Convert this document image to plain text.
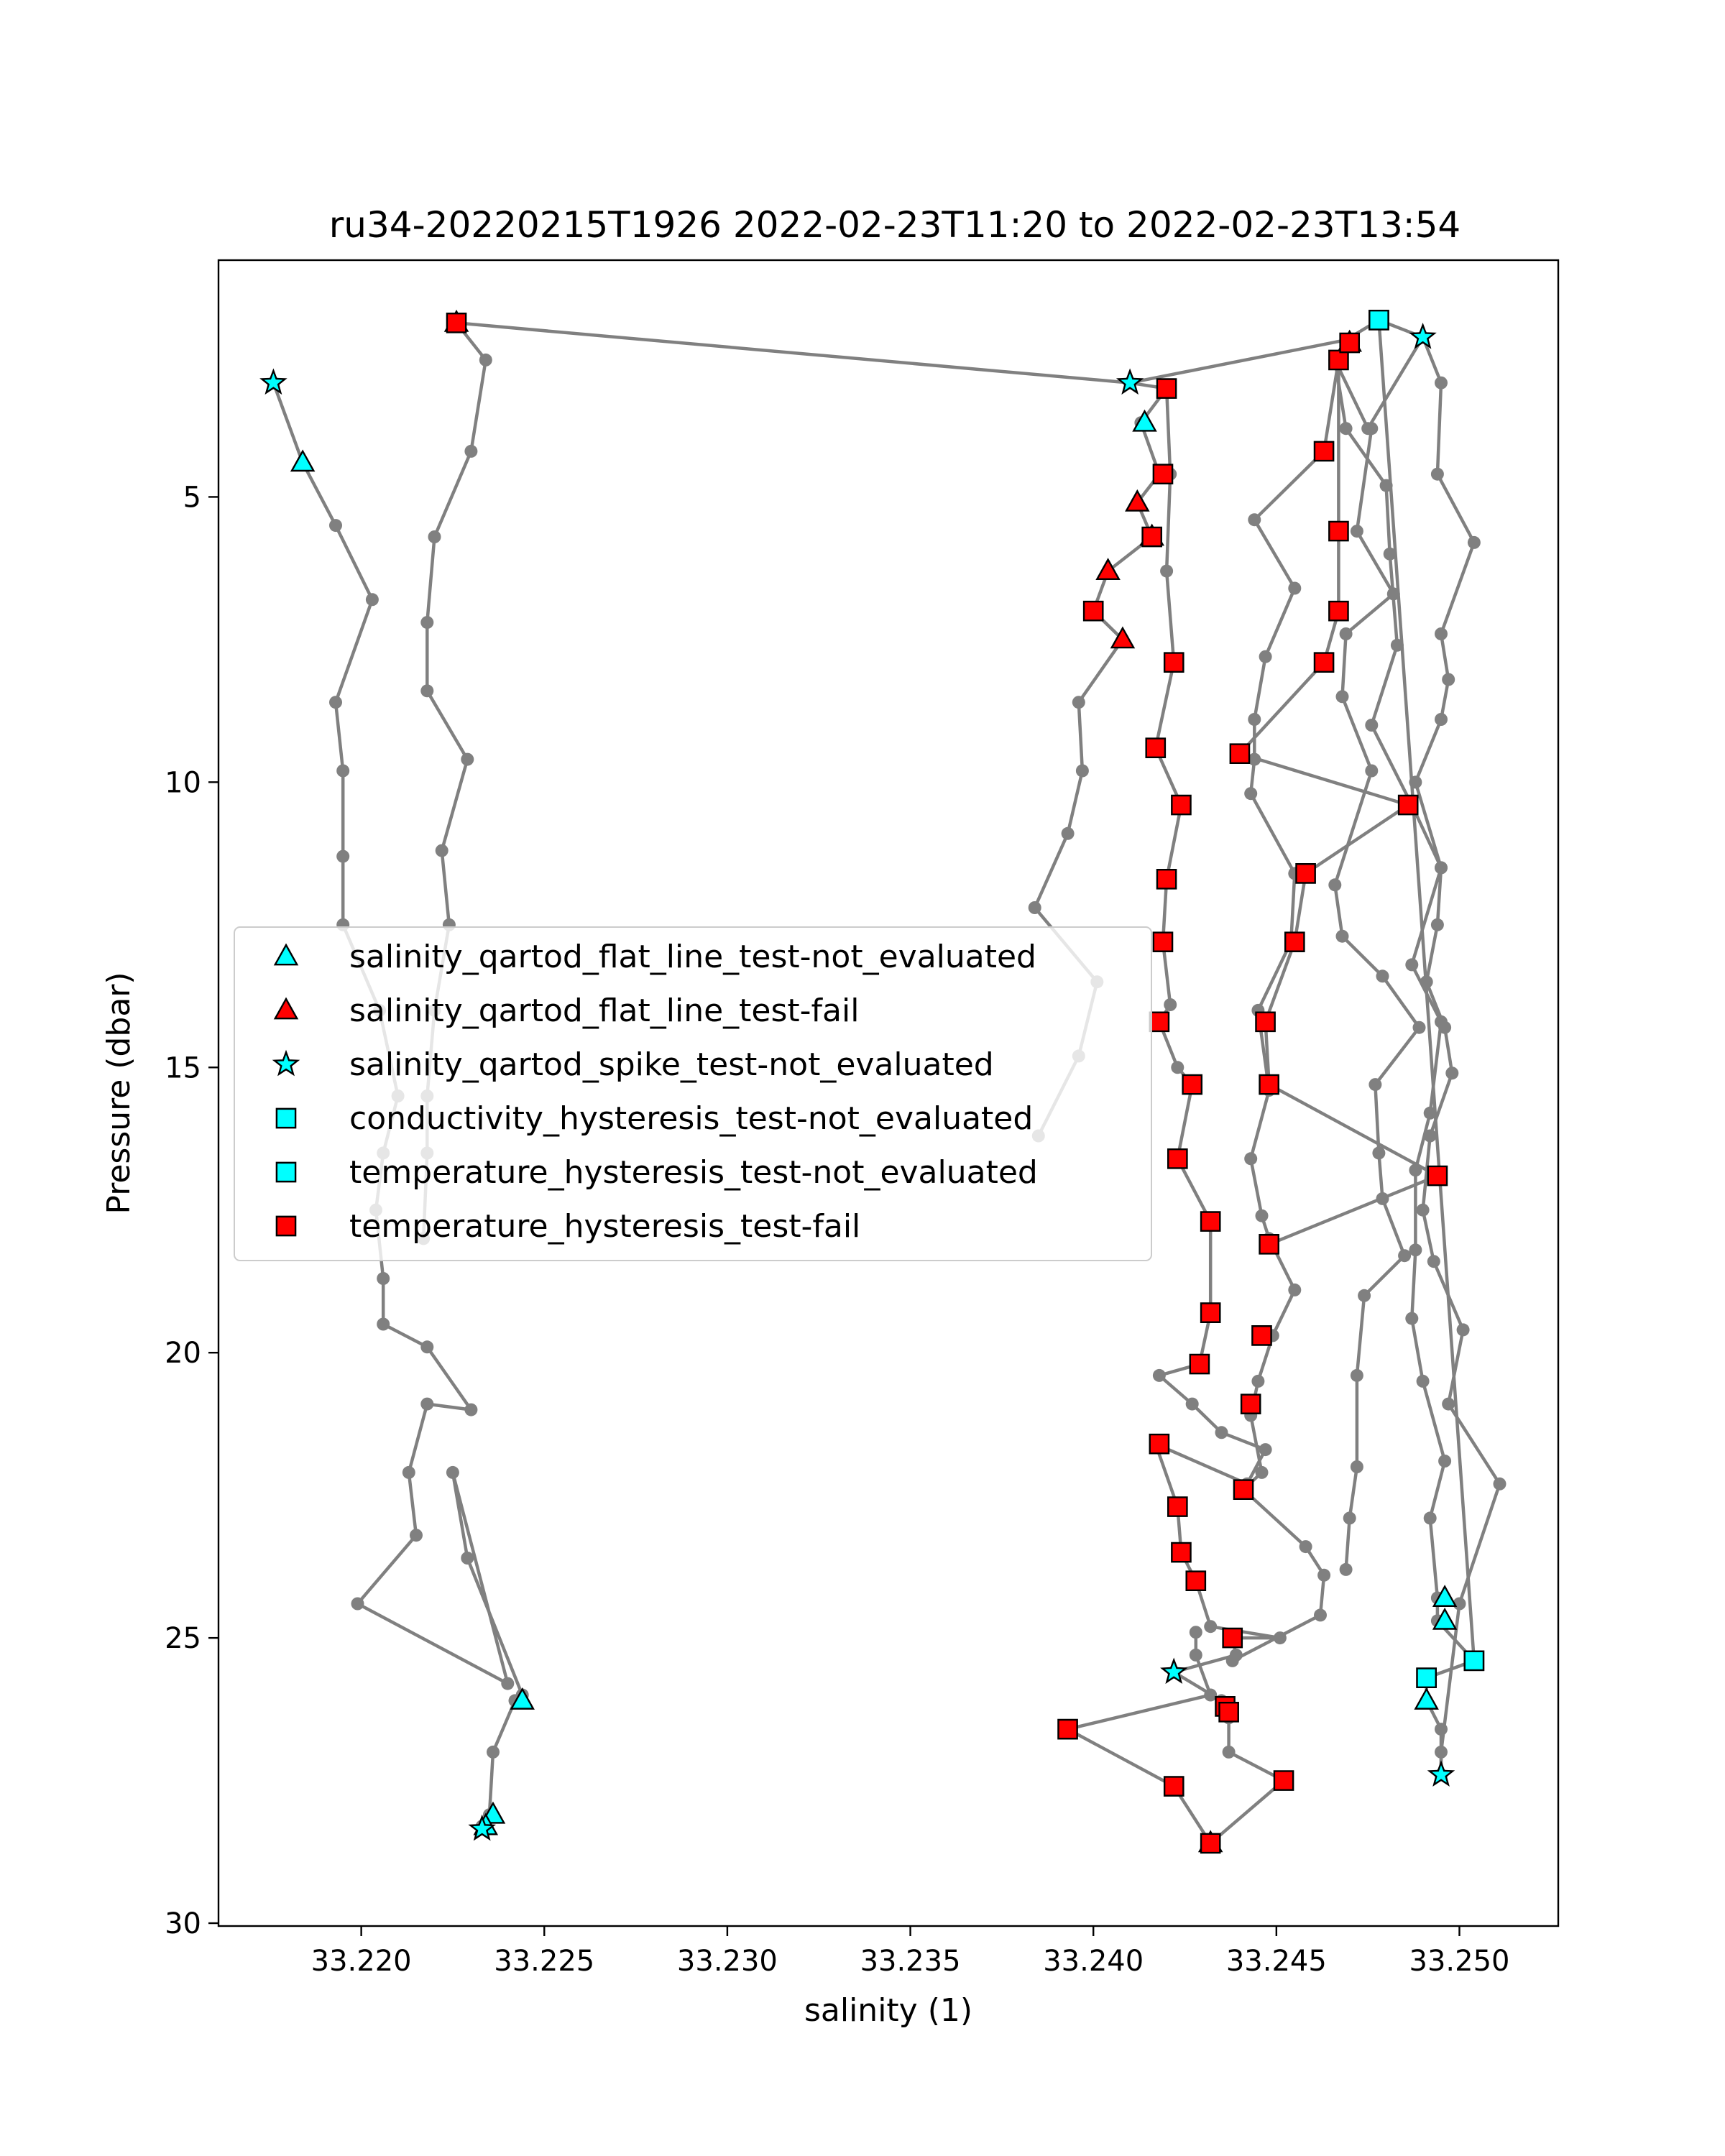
ru34-20220215T1926 2022-02-23T11:20 to 2022-02-23T13:54
33.220	33.225	33.230	33.235	33.240	33.245	33.250
5
10
15
20
25
30
salinity (1)
Pressure (dbar)
salinity_qartod_flat_line_test-not_evaluated
salinity_qartod_flat_line_test-fail
salinity_qartod_spike_test-not_evaluated
conductivity_hysteresis_test-not_evaluated
temperature_hysteresis_test-not_evaluated
temperature_hysteresis_test-fail
